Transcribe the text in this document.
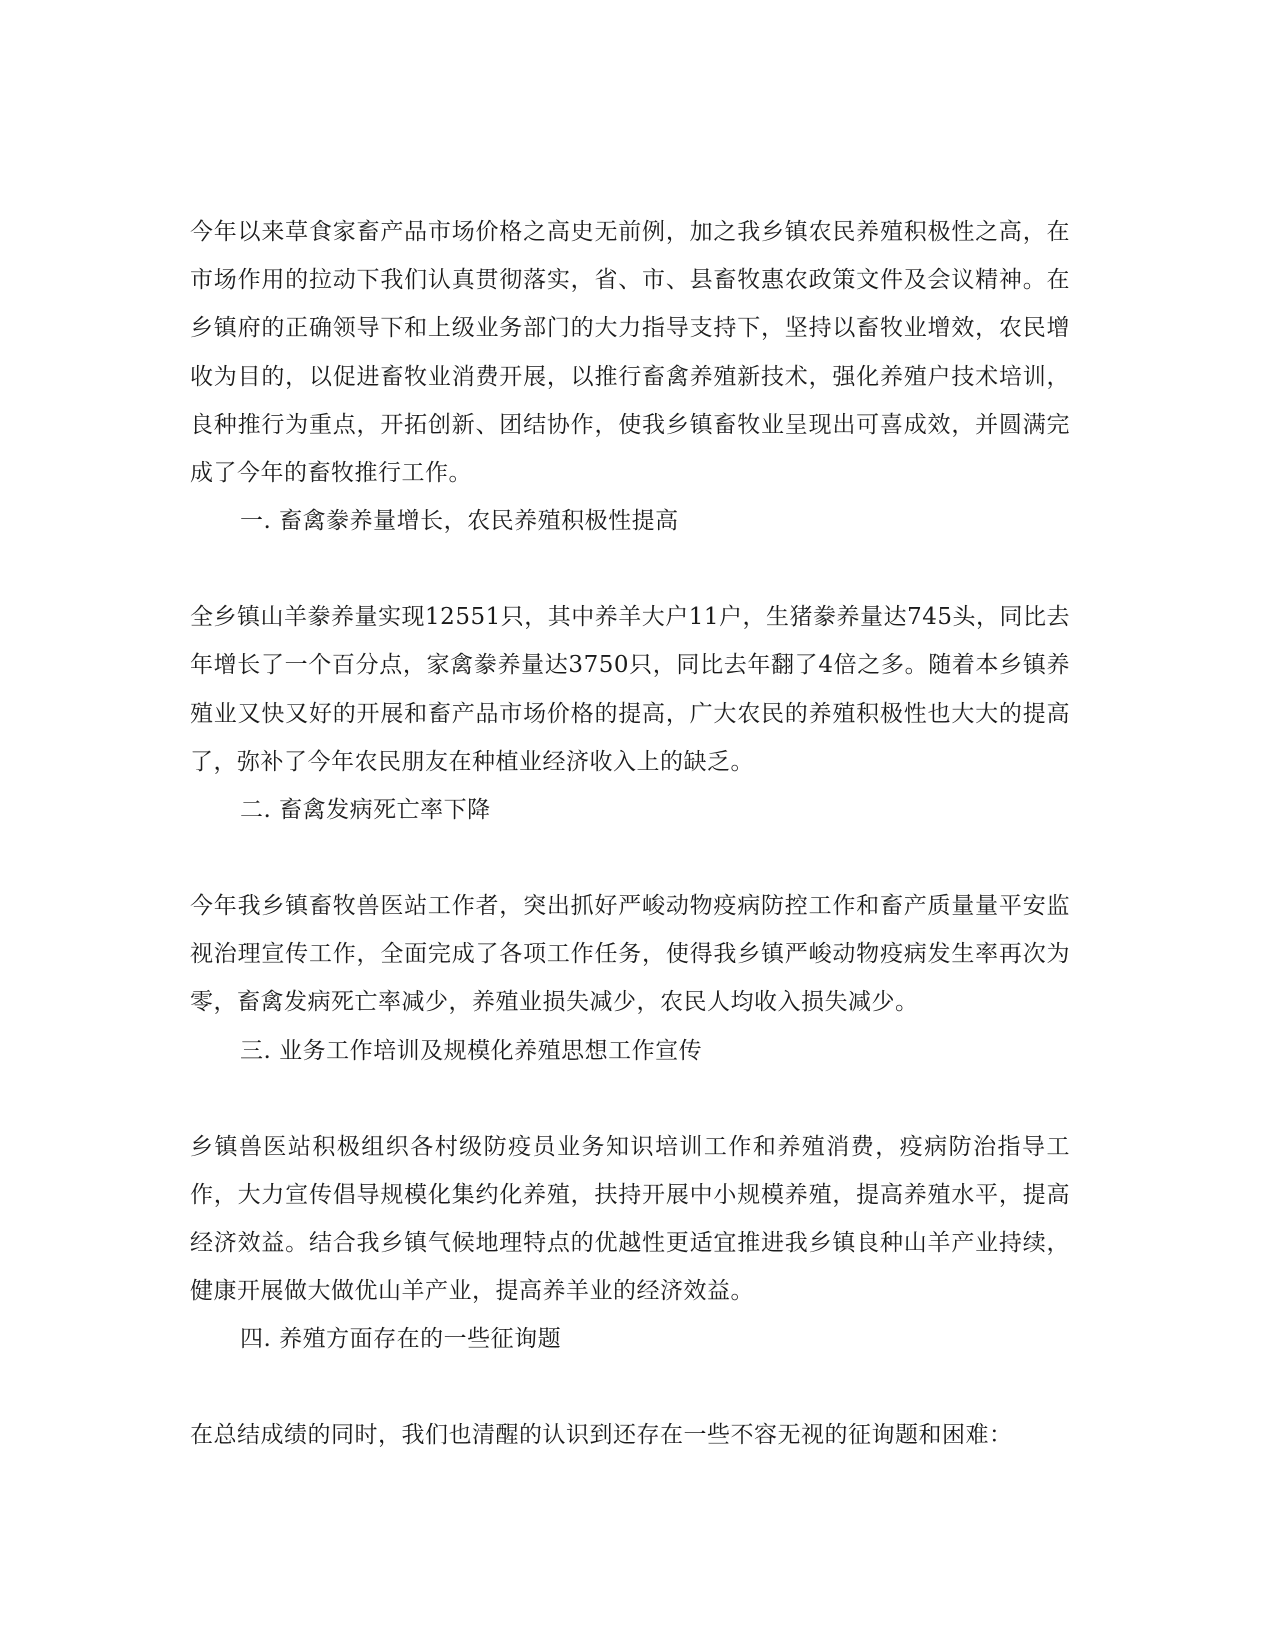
今年以来草食家畜产品市场价格之高史无前例，加之我乡镇农民养殖积极性之高，在市场作用的拉动下我们认真贯彻落实，省、市、县畜牧惠农政策文件及会议精神。在乡镇府的正确领导下和上级业务部门的大力指导支持下，坚持以畜牧业增效，农民增收为目的，以促进畜牧业消费开展，以推行畜禽养殖新技术，强化养殖户技术培训，良种推行为重点，开拓创新、团结协作，使我乡镇畜牧业呈现出可喜成效，并圆满完成了今年的畜牧推行工作。

一. 畜禽豢养量增长，农民养殖积极性提高

全乡镇山羊豢养量实现12551只，其中养羊大户11户，生猪豢养量达745头，同比去年增长了一个百分点，家禽豢养量达3750只，同比去年翻了4倍之多。随着本乡镇养殖业又快又好的开展和畜产品市场价格的提高，广大农民的养殖积极性也大大的提高了，弥补了今年农民朋友在种植业经济收入上的缺乏。

二. 畜禽发病死亡率下降

今年我乡镇畜牧兽医站工作者，突出抓好严峻动物疫病防控工作和畜产质量量平安监视治理宣传工作，全面完成了各项工作任务，使得我乡镇严峻动物疫病发生率再次为零，畜禽发病死亡率减少，养殖业损失减少，农民人均收入损失减少。

三. 业务工作培训及规模化养殖思想工作宣传

乡镇兽医站积极组织各村级防疫员业务知识培训工作和养殖消费，疫病防治指导工作，大力宣传倡导规模化集约化养殖，扶持开展中小规模养殖，提高养殖水平，提高经济效益。结合我乡镇气候地理特点的优越性更适宜推进我乡镇良种山羊产业持续，健康开展做大做优山羊产业，提高养羊业的经济效益。

四. 养殖方面存在的一些征询题

在总结成绩的同时，我们也清醒的认识到还存在一些不容无视的征询题和困难：
